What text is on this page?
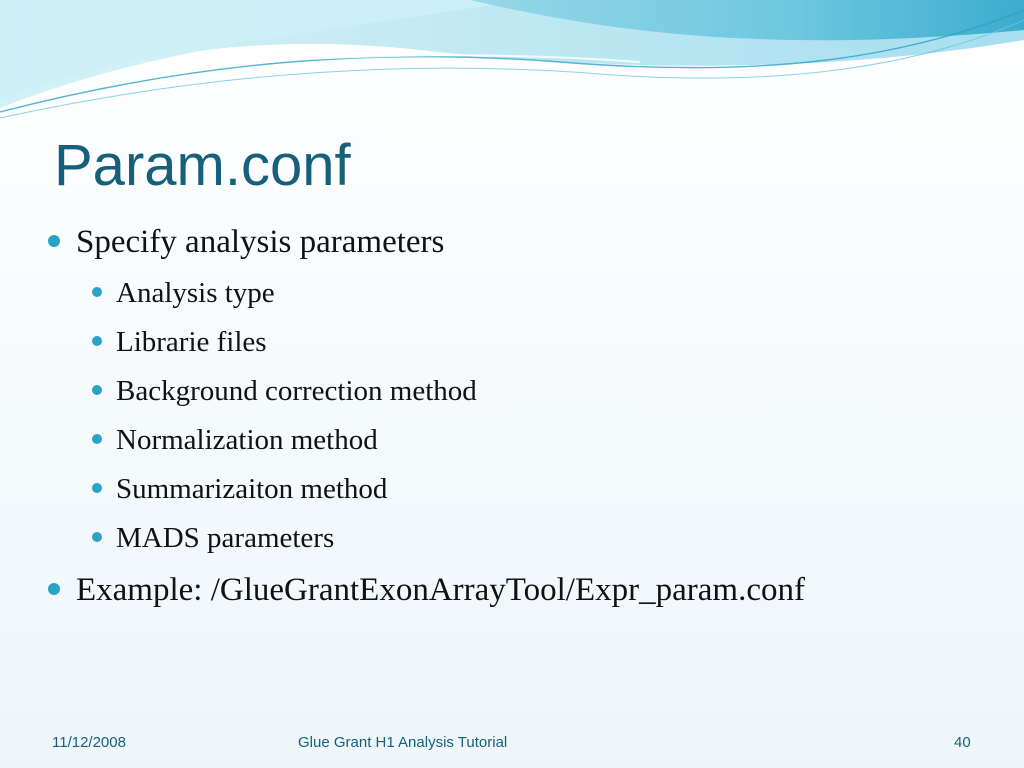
Param.conf
Specify analysis parameters
Analysis type
Librarie files
Background correction method
Normalization method
Summarizaiton method
MADS parameters
Example: /GlueGrantExonArrayTool/Expr_param.conf
11/12/2008	Glue Grant H1 Analysis Tutorial	40
